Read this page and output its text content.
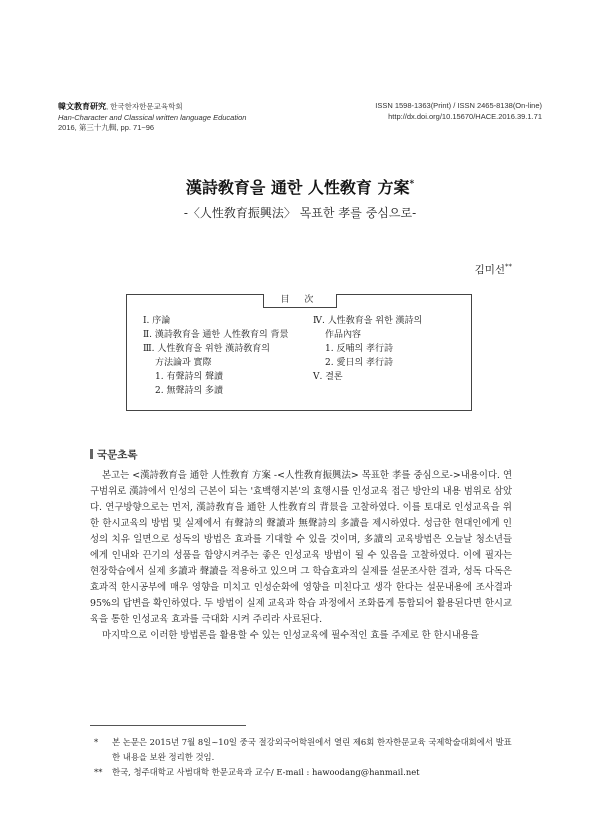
韓文教育研究, 한국한자한문교육학회
Han-Character and Classical written language Education
2016, 第三十九輯, pp. 71~96
ISSN 1598-1363(Print) / ISSN 2465-8138(On-line)
http://dx.doi.org/10.15670/HACE.2016.39.1.71
漢詩敎育을 通한 人性敎育 方案*
-〈人性敎育振興法〉 목표한 孝를 중심으로-
김미선**
目 次
Ⅰ. 序論
Ⅱ. 漢詩敎育을 通한 人性敎育의 背景
Ⅲ. 人性敎育을 위한 漢詩敎育의
方法論과 實際
1. 有聲詩의 聲讀
2. 無聲詩의 多讀
Ⅳ. 人性敎育을 위한 漢詩의
作品內容
1. 反哺의 孝行詩
2. 愛日의 孝行詩
Ⅴ. 결론
국문초록

본고는 <漢詩敎育을 通한 人性敎育 方案 -<人性敎育振興法> 목표한 孝를 중심으로->내용이다. 연구범위로 漢詩에서 인성의 근본이 되는 '효백행지본'의 효행시를 인성교육 접근 방안의 내용 범위로 삼았다. 연구방향으로는 먼저, 漢詩敎育을 通한 人性敎育의 背景을 고찰하였다. 이를 토대로 인성교육을 위한 한시교육의 방법 및 실제에서 有聲詩의 聲讀과 無聲詩의 多讀을 제시하였다. 성급한 현대인에게 인성의 치유 일면으로 성독의 방법은 효과를 기대할 수 있을 것이며, 多讀의 교육방법은 오늘날 청소년들에게 인내와 끈기의 성품을 함양시켜주는 좋은 인성교육 방법이 될 수 있음을 고찰하였다. 이에 필자는 현장학습에서 실제 多讀과 聲讀을 적용하고 있으며 그 학습효과의 실제를 설문조사한 결과, 성독 다독은 효과적 한시공부에 매우 영향을 미치고 인성순화에 영향을 미친다고 생각 한다는 설문내용에 조사결과 95%의 답변을 확인하였다. 두 방법이 실제 교육과 학습 과정에서 조화롭게 통합되어 활용된다면 한시교육을 통한 인성교육 효과를 극대화 시켜 주리라 사료된다.

마지막으로 이러한 방법론을 활용할 수 있는 인성교육에 필수적인 효를 주제로 한 한시내용을

* 본 논문은 2015년 7월 8일~10일 중국 절강외국어학원에서 열린 제6회 한자한문교육 국제학술대회에서 발표한 내용을 보완 정리한 것임.
** 한국, 청주대학교 사범대학 한문교육과 교수/ E-mail : hawoodang@hanmail.net
